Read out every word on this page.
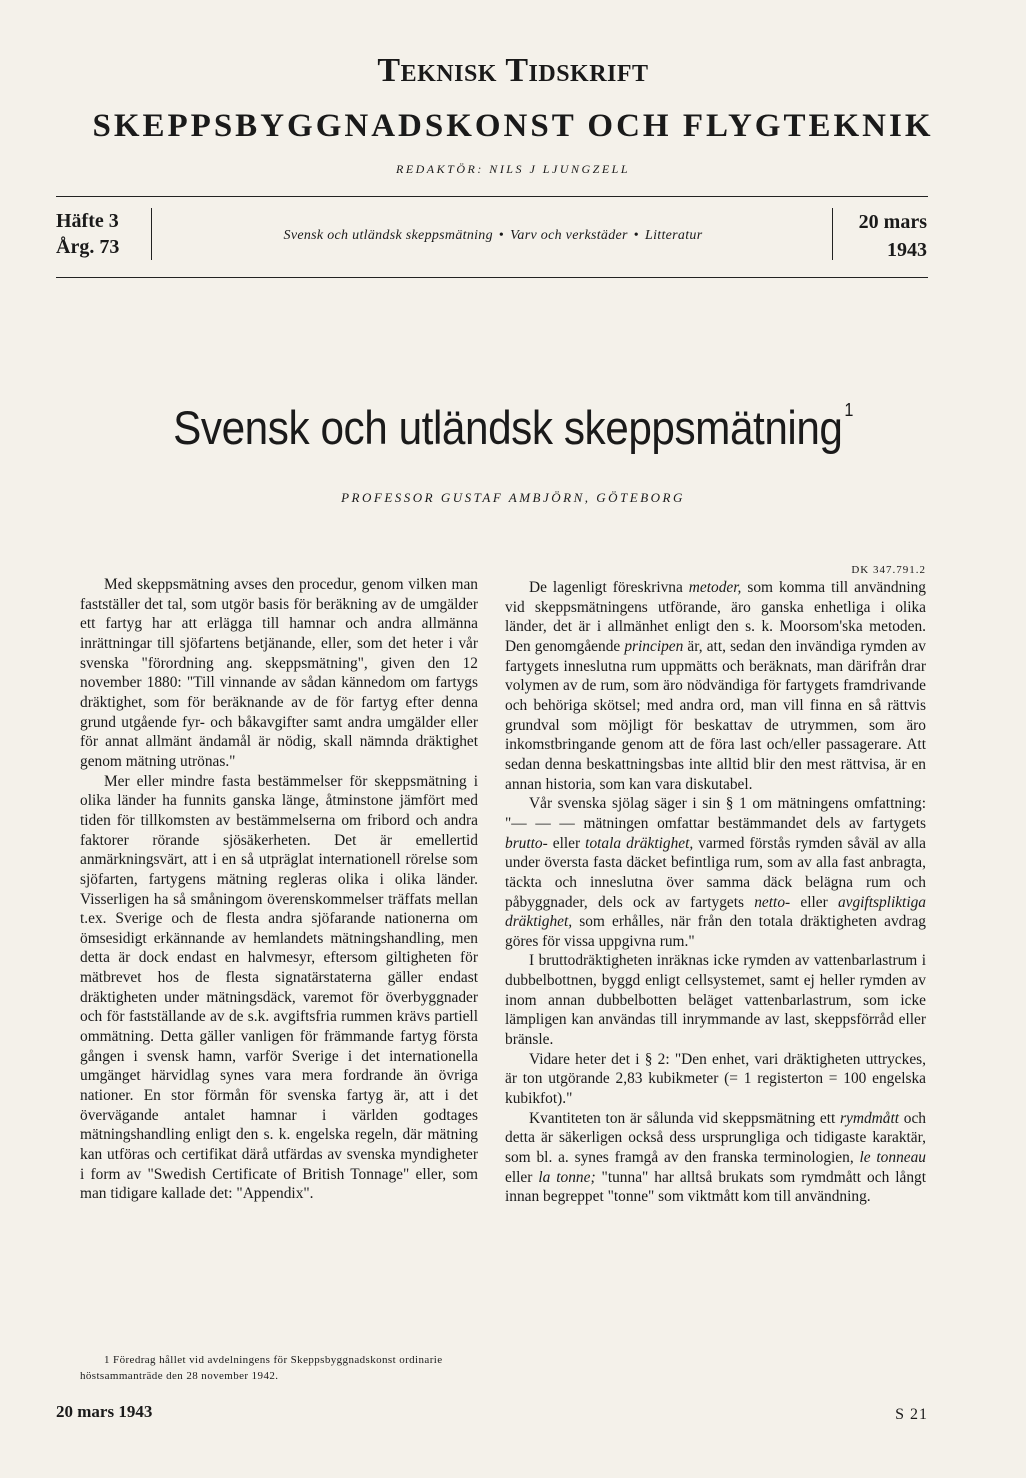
Teknisk Tidskrift
SKEPPSBYGGNADSKONST OCH FLYGTEKNIK
REDAKTÖR: NILS J LJUNGZELL
Häfte 3
Årg. 73
Svensk och utländsk skeppsmätning • Varv och verkstäder • Litteratur
20 mars
1943
Svensk och utländsk skeppsmätning $^1$
PROFESSOR GUSTAF AMBJÖRN, GÖTEBORG

Med skeppsmätning avses den procedur, genom vilken man fastställer det tal, som utgör basis för beräkning av de umgälder ett fartyg har att erlägga till hamnar och andra allmänna inrättningar till sjöfartens betjänande, eller, som det heter i vår svenska "förordning ang. skeppsmätning", given den 12 november 1880: "Till vinnande av sådan kännedom om fartygs dräktighet, som för beräknande av de för fartyg efter denna grund utgående fyr- och båkavgifter samt andra umgälder eller för annat allmänt ändamål är nödig, skall nämnda dräktighet genom mätning utrönas."

Mer eller mindre fasta bestämmelser för skeppsmätning i olika länder ha funnits ganska länge, åtminstone jämfört med tiden för tillkomsten av bestämmelserna om fribord och andra faktorer rörande sjösäkerheten. Det är emellertid anmärkningsvärt, att i en så utpräglat internationell rörelse som sjöfarten, fartygens mätning regleras olika i olika länder. Visserligen ha så småningom överenskommelser träffats mellan t.ex. Sverige och de flesta andra sjöfarande nationerna om ömsesidigt erkännande av hemlandets mätningshandling, men detta är dock endast en halvmesyr, eftersom giltigheten för mätbrevet hos de flesta signatärstaterna gäller endast dräktigheten under mätningsdäck, varemot för överbyggnader och för fastställande av de s.k. avgiftsfria rummen krävs partiell ommätning. Detta gäller vanligen för främmande fartyg första gången i svensk hamn, varför Sverige i det internationella umgänget härvidlag synes vara mera fordrande än övriga nationer. En stor förmån för svenska fartyg är, att i det övervägande antalet hamnar i världen godtages mätningshandling enligt den s. k. engelska regeln, där mätning kan utföras och certifikat därå utfärdas av svenska myndigheter i form av "Swedish Certificate of British Tonnage" eller, som man tidigare kallade det: "Appendix".

DK 347.791.2

De lagenligt föreskrivna metoder, som komma till användning vid skeppsmätningens utförande, äro ganska enhetliga i olika länder, det är i allmänhet enligt den s. k. Moorsom'ska metoden. Den genomgående principen är, att, sedan den invändiga rymden av fartygets inneslutna rum uppmätts och beräknats, man därifrån drar volymen av de rum, som äro nödvändiga för fartygets framdrivande och behöriga skötsel; med andra ord, man vill finna en så rättvis grundval som möjligt för beskattav de utrymmen, som äro inkomstbringande genom att de föra last och/eller passagerare. Att sedan denna beskattningsbas inte alltid blir den mest rättvisa, är en annan historia, som kan vara diskutabel.

Vår svenska sjölag säger i sin § 1 om mätningens omfattning: "— — — mätningen omfattar bestämmandet dels av fartygets brutto- eller totala dräktighet, varmed förstås rymden såväl av alla under översta fasta däcket befintliga rum, som av alla fast anbragta, täckta och inneslutna över samma däck belägna rum och påbyggnader, dels ock av fartygets netto- eller avgiftspliktiga dräktighet, som erhålles, när från den totala dräktigheten avdrag göres för vissa uppgivna rum."

I bruttodräktigheten inräknas icke rymden av vattenbarlastrum i dubbelbottnen, byggd enligt cellsystemet, samt ej heller rymden av inom annan dubbelbotten beläget vattenbarlastrum, som icke lämpligen kan användas till inrymmande av last, skeppsförråd eller bränsle.

Vidare heter det i § 2: "Den enhet, vari dräktigheten uttryckes, är ton utgörande 2,83 kubikmeter (= 1 registerton = 100 engelska kubikfot)."

Kvantiteten ton är sålunda vid skeppsmätning ett rymdmått och detta är säkerligen också dess ursprungliga och tidigaste karaktär, som bl. a. synes framgå av den franska terminologien, le tonneau eller la tonne; "tunna" har alltså brukats som rymdmått och långt innan begreppet "tonne" som viktmått kom till användning.

1 Föredrag hållet vid avdelningens för Skeppsbyggnadskonst ordinarie höstsammanträde den 28 november 1942.
20 mars 1943	S 21
